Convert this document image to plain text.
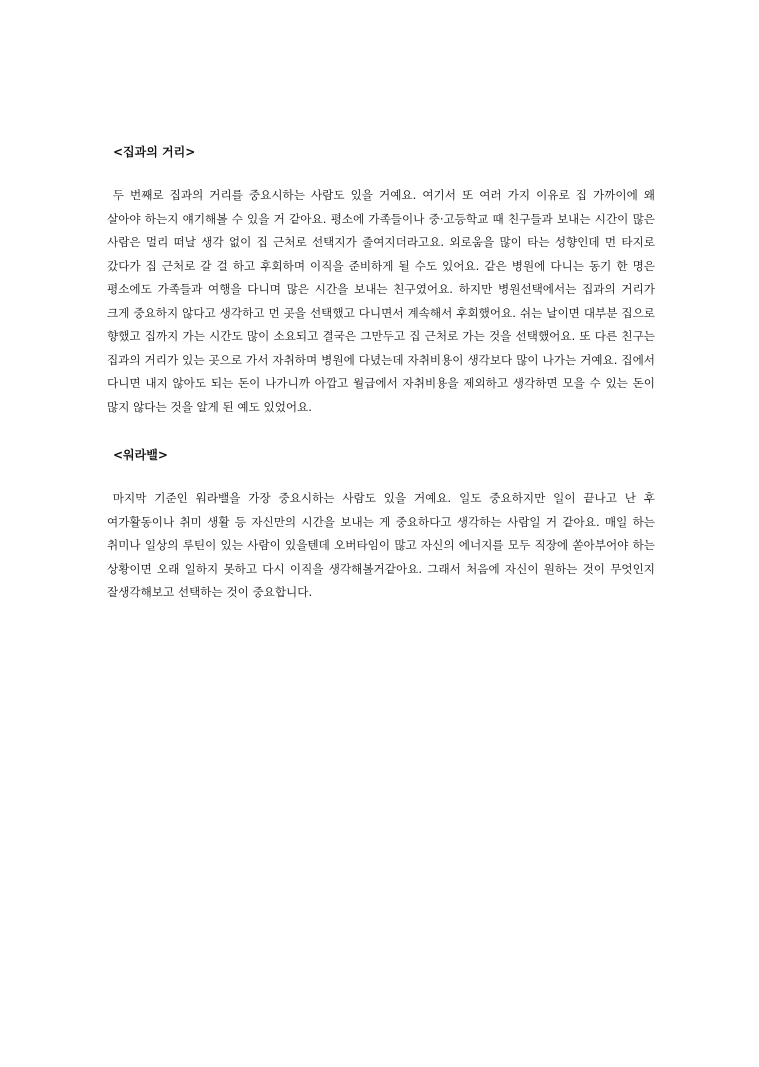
<집과의 거리>

두 번째로 집과의 거리를 중요시하는 사람도 있을 거예요. 여기서 또 여러 가지 이유로 집 가까이에 왜 살아야 하는지 얘기해볼 수 있을 거 같아요. 평소에 가족들이나 중·고등학교 때 친구들과 보내는 시간이 많은 사람은 멀리 떠날 생각 없이 집 근처로 선택지가 줄여지더라고요. 외로움을 많이 타는 성향인데 먼 타지로 갔다가 집 근처로 갈 걸 하고 후회하며 이직을 준비하게 될 수도 있어요. 같은 병원에 다니는 동기 한 명은 평소에도 가족들과 여행을 다니며 많은 시간을 보내는 친구였어요. 하지만 병원선택에서는 집과의 거리가 크게 중요하지 않다고 생각하고 먼 곳을 선택했고 다니면서 계속해서 후회했어요. 쉬는 날이면 대부분 집으로 향했고 집까지 가는 시간도 많이 소요되고 결국은 그만두고 집 근처로 가는 것을 선택했어요. 또 다른 친구는 집과의 거리가 있는 곳으로 가서 자취하며 병원에 다녔는데 자취비용이 생각보다 많이 나가는 거예요. 집에서 다니면 내지 않아도 되는 돈이 나가니까 아깝고 월급에서 자취비용을 제외하고 생각하면 모을 수 있는 돈이 많지 않다는 것을 알게 된 예도 있었어요.

<워라밸>

마지막 기준인 워라밸을 가장 중요시하는 사람도 있을 거예요. 일도 중요하지만 일이 끝나고 난 후 여가활동이나 취미 생활 등 자신만의 시간을 보내는 게 중요하다고 생각하는 사람일 거 같아요. 매일 하는 취미나 일상의 루틴이 있는 사람이 있을텐데 오버타임이 많고 자신의 에너지를 모두 직장에 쏟아부어야 하는 상황이면 오래 일하지 못하고 다시 이직을 생각해볼거같아요. 그래서 처음에 자신이 원하는 것이 무엇인지 잘생각해보고 선택하는 것이 중요합니다.
